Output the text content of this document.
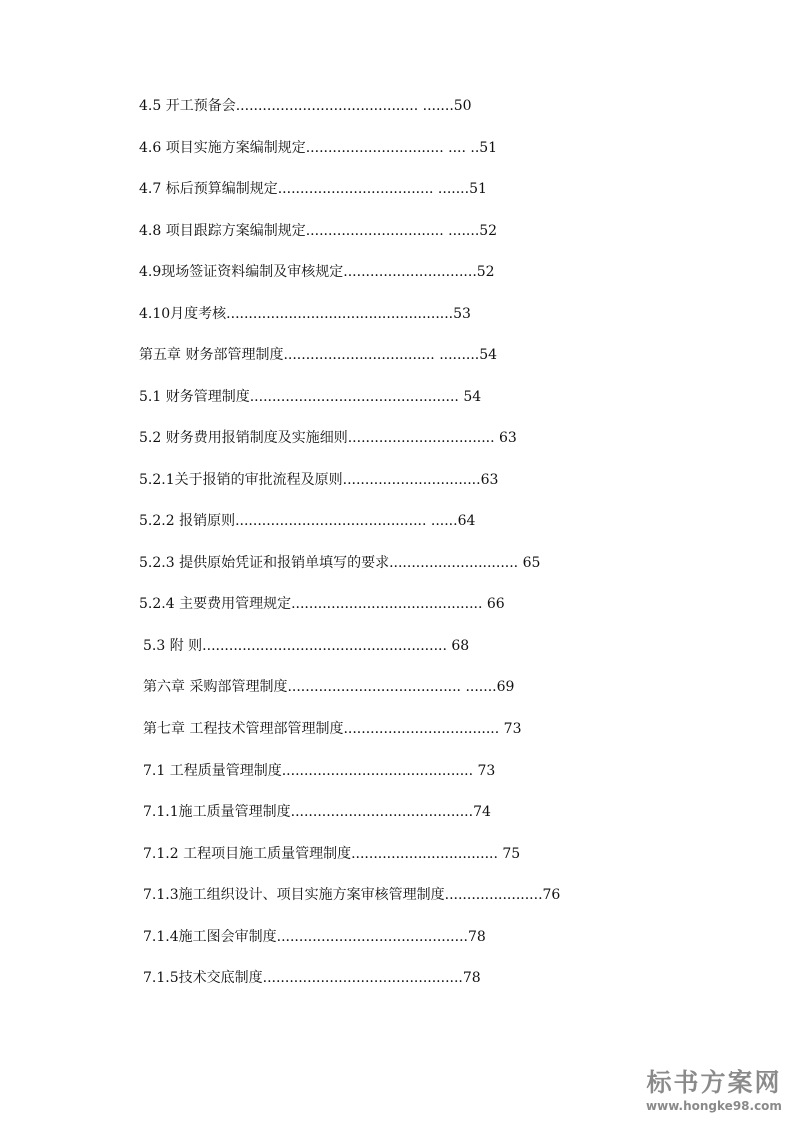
4.5 开工预备会......................................... .......50
4.6 项目实施方案编制规定............................... .... ..51
4.7 标后预算编制规定................................... .......51
4.8 项目跟踪方案编制规定............................... .......52
4.9现场签证资料编制及审核规定..............................52
4.10月度考核...................................................53
第五章 财务部管理制度.................................. .........54
5.1 财务管理制度............................................... 54
5.2 财务费用报销制度及实施细则................................. 63
5.2.1关于报销的审批流程及原则...............................63
5.2.2 报销原则........................................... ......64
5.2.3 提供原始凭证和报销单填写的要求............................. 65
5.2.4 主要费用管理规定........................................... 66
5.3 附 则....................................................... 68
第六章 采购部管理制度....................................... .......69
第七章 工程技术管理部管理制度................................... 73
7.1 工程质量管理制度........................................... 73
7.1.1施工质量管理制度.........................................74
7.1.2 工程项目施工质量管理制度................................. 75
7.1.3施工组织设计、项目实施方案审核管理制度......................76
7.1.4施工图会审制度...........................................78
7.1.5技术交底制度.............................................78
标书方案网
www.hongke98.com
